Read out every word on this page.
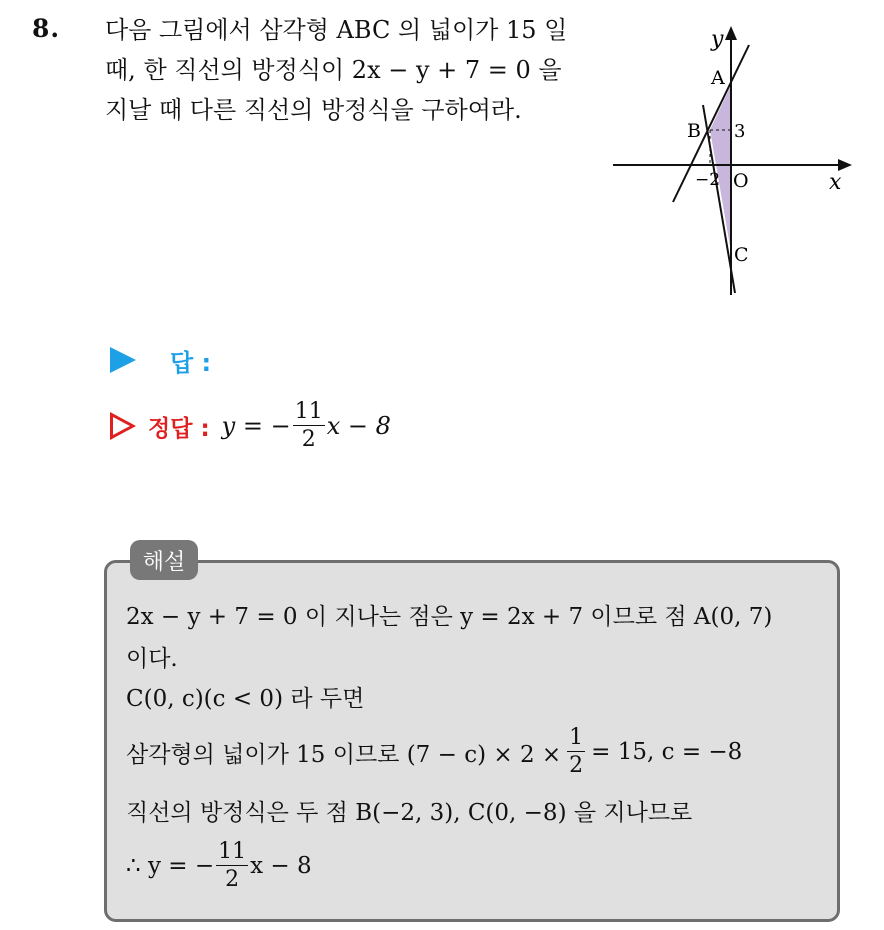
8. 다음 그림에서 삼각형 ABC 의 넓이가 15 일
때, 한 직선의 방정식이 2x − y + 7 = 0 을
지날 때 다른 직선의 방정식을 구하여라.
y
x
A
B
C
O
3
−2
답 :
정답 : y = − $\frac{11}{2}$ x − 8
해설
2x − y + 7 = 0 이 지나는 점은 y = 2x + 7 이므로 점 A(0, 7)
이다.
C(0, c)(c < 0) 라 두면
삼각형의 넓이가 15 이므로 $(7 - c) \times 2 \times \frac{1}{2} = 15$, c = −8
직선의 방정식은 두 점 B(−2, 3), C(0, −8) 을 지나므로
∴ y = − $\frac{11}{2}$ x − 8
